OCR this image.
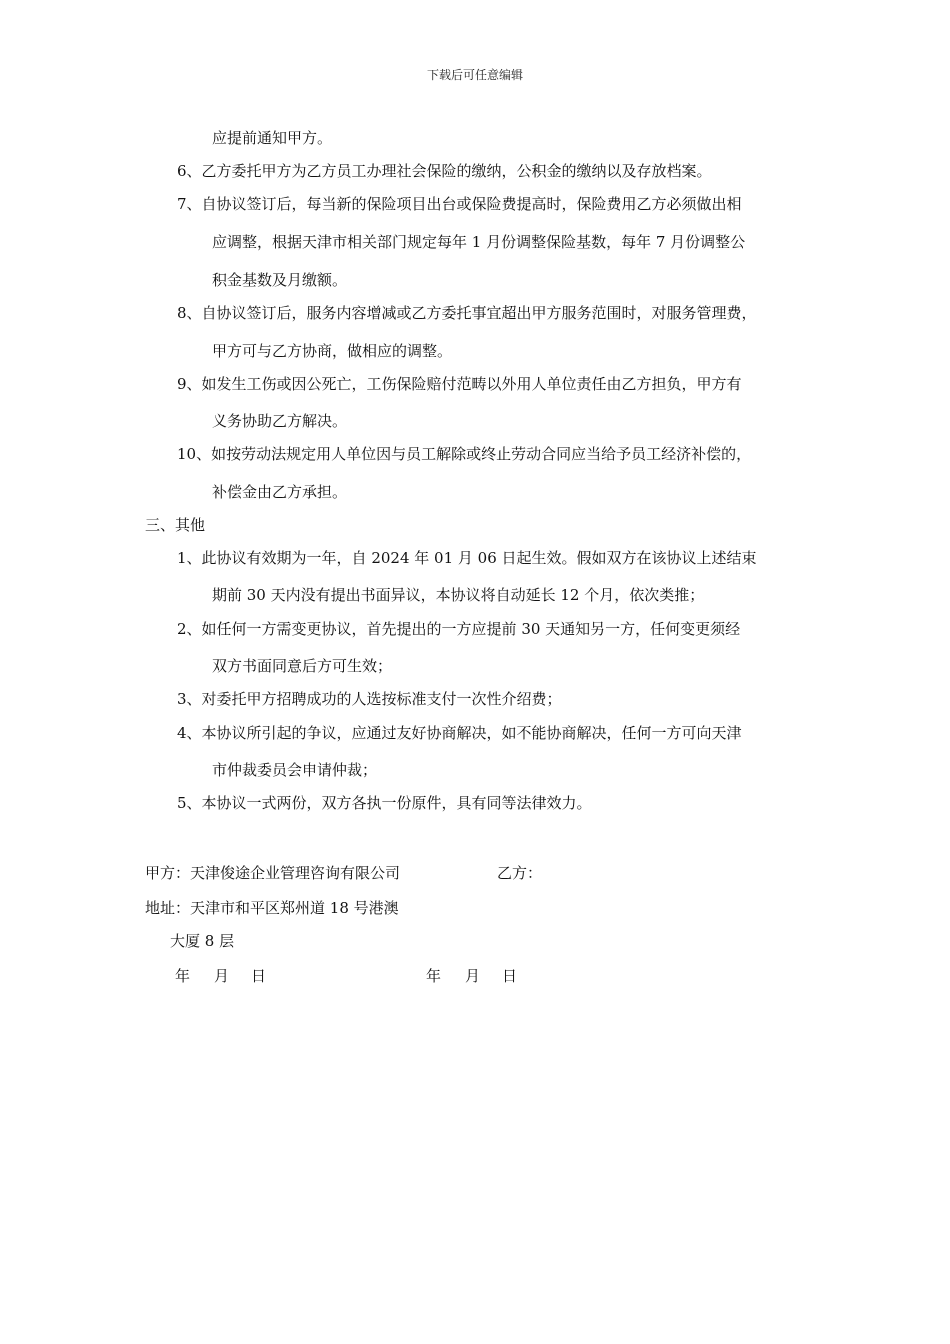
下载后可任意编辑
应提前通知甲方。
6、乙方委托甲方为乙方员工办理社会保险的缴纳，公积金的缴纳以及存放档案。
7、自协议签订后，每当新的保险项目出台或保险费提高时，保险费用乙方必须做出相
应调整，根据天津市相关部门规定每年 1 月份调整保险基数，每年 7 月份调整公
积金基数及月缴额。
8、自协议签订后，服务内容增减或乙方委托事宜超出甲方服务范围时，对服务管理费，
甲方可与乙方协商，做相应的调整。
9、如发生工伤或因公死亡，工伤保险赔付范畴以外用人单位责任由乙方担负，甲方有
义务协助乙方解决。
10、如按劳动法规定用人单位因与员工解除或终止劳动合同应当给予员工经济补偿的，
补偿金由乙方承担。
三、其他
1、此协议有效期为一年，自 2024 年 01 月 06 日起生效。假如双方在该协议上述结束
期前 30 天内没有提出书面异议，本协议将自动延长 12 个月，依次类推；
2、如任何一方需变更协议，首先提出的一方应提前 30 天通知另一方，任何变更须经
双方书面同意后方可生效；
3、对委托甲方招聘成功的人选按标准支付一次性介绍费；
4、本协议所引起的争议，应通过友好协商解决，如不能协商解决，任何一方可向天津
市仲裁委员会申请仲裁；
5、本协议一式两份，双方各执一份原件，具有同等法律效力。
甲方：天津俊途企业管理咨询有限公司	乙方：
地址：天津市和平区郑州道 18 号港澳
大厦 8 层
年 月 日	年 月 日
